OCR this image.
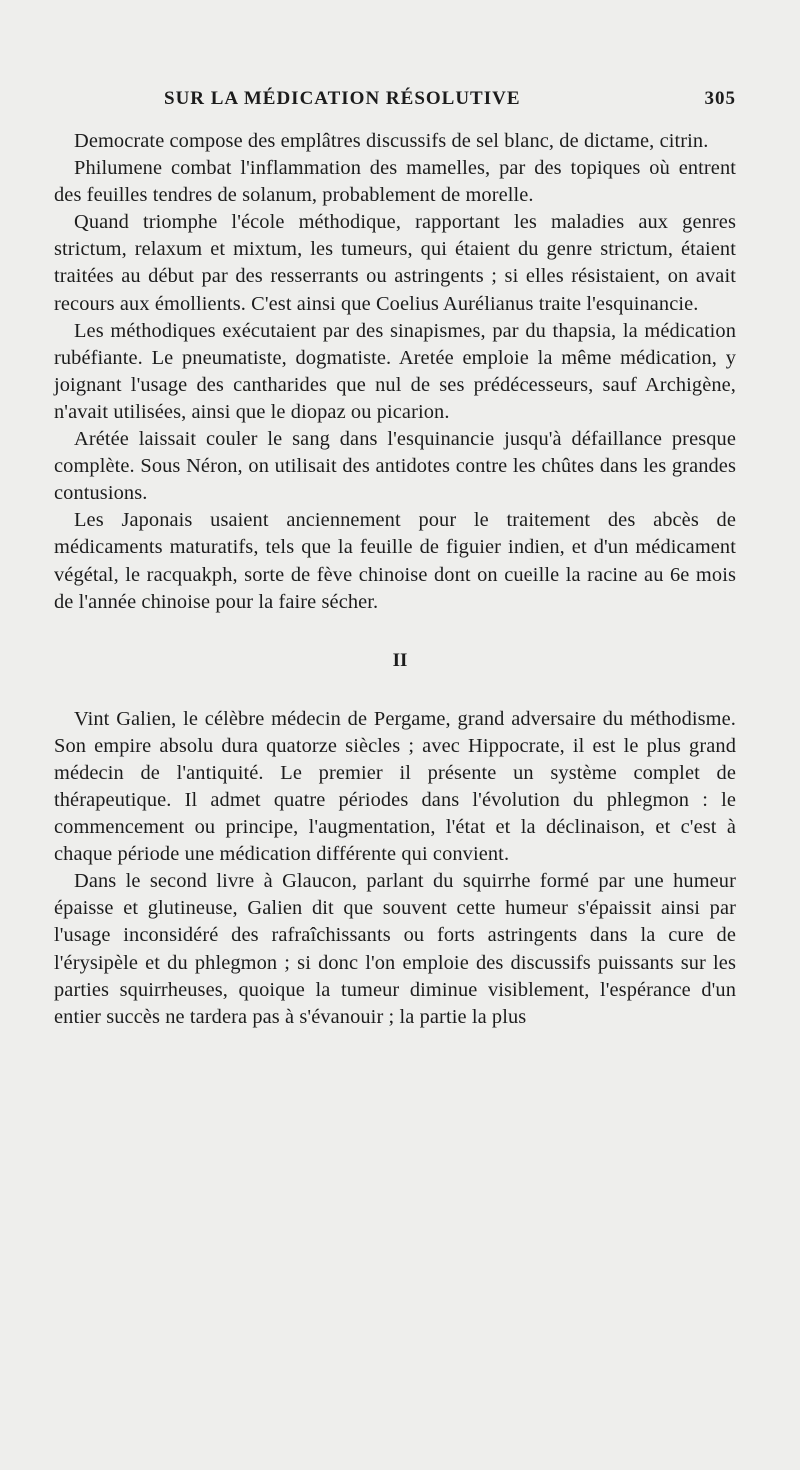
SUR LA MÉDICATION RÉSOLUTIVE	305

Democrate compose des emplâtres discussifs de sel blanc, de dictame, citrin.

Philumene combat l'inflammation des mamelles, par des topiques où entrent des feuilles tendres de solanum, probablement de morelle.

Quand triomphe l'école méthodique, rapportant les maladies aux genres strictum, relaxum et mixtum, les tumeurs, qui étaient du genre strictum, étaient traitées au début par des resserrants ou astringents ; si elles résistaient, on avait recours aux émollients. C'est ainsi que Coelius Aurélianus traite l'esquinancie.

Les méthodiques exécutaient par des sinapismes, par du thapsia, la médication rubéfiante. Le pneumatiste, dogmatiste. Aretée emploie la même médication, y joignant l'usage des cantharides que nul de ses prédécesseurs, sauf Archigène, n'avait utilisées, ainsi que le diopaz ou picarion.

Arétée laissait couler le sang dans l'esquinancie jusqu'à défaillance presque complète. Sous Néron, on utilisait des antidotes contre les chûtes dans les grandes contusions.

Les Japonais usaient anciennement pour le traitement des abcès de médicaments maturatifs, tels que la feuille de figuier indien, et d'un médicament végétal, le racquakph, sorte de fève chinoise dont on cueille la racine au 6e mois de l'année chinoise pour la faire sécher.

II

Vint Galien, le célèbre médecin de Pergame, grand adversaire du méthodisme. Son empire absolu dura quatorze siècles ; avec Hippocrate, il est le plus grand médecin de l'antiquité. Le premier il présente un système complet de thérapeutique. Il admet quatre périodes dans l'évolution du phlegmon : le commencement ou principe, l'augmentation, l'état et la déclinaison, et c'est à chaque période une médication différente qui convient.

Dans le second livre à Glaucon, parlant du squirrhe formé par une humeur épaisse et glutineuse, Galien dit que souvent cette humeur s'épaissit ainsi par l'usage inconsidéré des rafraîchissants ou forts astringents dans la cure de l'érysipèle et du phlegmon ; si donc l'on emploie des discussifs puissants sur les parties squirrheuses, quoique la tumeur diminue visiblement, l'espérance d'un entier succès ne tardera pas à s'évanouir ; la partie la plus
